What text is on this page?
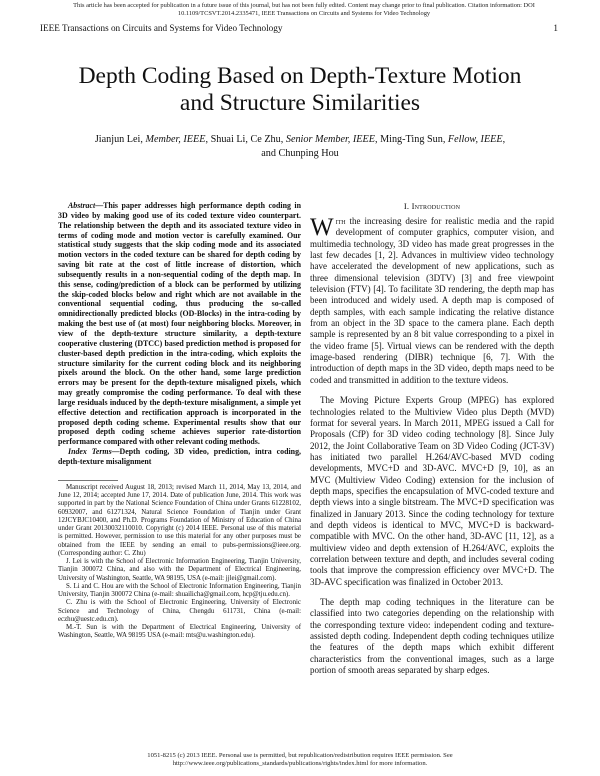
This article has been accepted for publication in a future issue of this journal, but has not been fully edited. Content may change prior to final publication. Citation information: DOI
10.1109/TCSVT.2014.2335471, IEEE Transactions on Circuits and Systems for Video Technology
IEEE Transactions on Circuits and Systems for Video Technology	1
Depth Coding Based on Depth-Texture Motion
and Structure Similarities
Jianjun Lei, Member, IEEE, Shuai Li, Ce Zhu, Senior Member, IEEE, Ming-Ting Sun, Fellow, IEEE,
and Chunping Hou

Abstract—This paper addresses high performance depth coding in 3D video by making good use of its coded texture video counterpart. The relationship between the depth and its associated texture video in terms of coding mode and motion vector is carefully examined. Our statistical study suggests that the skip coding mode and its associated motion vectors in the coded texture can be shared for depth coding by saving bit rate at the cost of little increase of distortion, which subsequently results in a non-sequential coding of the depth map. In this sense, coding/prediction of a block can be performed by utilizing the skip-coded blocks below and right which are not available in the conventional sequential coding, thus producing the so-called omnidirectionally predicted blocks (OD-Blocks) in the intra-coding by making the best use of (at most) four neighboring blocks. Moreover, in view of the depth-texture structure similarity, a depth-texture cooperative clustering (DTCC) based prediction method is proposed for cluster-based depth prediction in the intra-coding, which exploits the structure similarity for the current coding block and its neighboring pixels around the block. On the other hand, some large prediction errors may be present for the depth-texture misaligned pixels, which may greatly compromise the coding performance. To deal with these large residuals induced by the depth-texture misalignment, a simple yet effective detection and rectification approach is incorporated in the proposed depth coding scheme. Experimental results show that our proposed depth coding scheme achieves superior rate-distortion performance compared with other relevant coding methods.

Index Terms—Depth coding, 3D video, prediction, intra coding, depth-texture misalignment

Manuscript received August 18, 2013; revised March 11, 2014, May 13, 2014, and June 12, 2014; accepted June 17, 2014. Date of publication June, 2014. This work was supported in part by the National Science Foundation of China under Grants 61228102, 60932007, and 61271324, Natural Science Foundation of Tianjin under Grant 12JCYBJC10400, and Ph.D. Programs Foundation of Ministry of Education of China under Grant 20130032110010. Copyright (c) 2014 IEEE. Personal use of this material is permitted. However, permission to use this material for any other purposes must be obtained from the IEEE by sending an email to pubs-permissions@ieee.org. (Corresponding author: C. Zhu)

J. Lei is with the School of Electronic Information Engineering, Tianjin University, Tianjin 300072 China, and also with the Department of Electrical Engineering, University of Washington, Seattle, WA 98195, USA (e-mail: jjlei@gmail.com).

S. Li and C. Hou are with the School of Electronic Information Engineering, Tianjin University, Tianjin 300072 China (e-mail: shuailicha@gmail.com, hcp@tju.edu.cn).

C. Zhu is with the School of Electronic Engineering, University of Electronic Science and Technology of China, Chengdu 611731, China (e-mail: eczhu@uestc.edu.cn).

M.-T. Sun is with the Department of Electrical Engineering, University of Washington, Seattle, WA 98195 USA (e-mail: mts@u.washington.edu).

I. Introduction

With the increasing desire for realistic media and the rapid development of computer graphics, computer vision, and multimedia technology, 3D video has made great progresses in the last few decades [1, 2]. Advances in multiview video technology have accelerated the development of new applications, such as three dimensional television (3DTV) [3] and free viewpoint television (FTV) [4]. To facilitate 3D rendering, the depth map has been introduced and widely used. A depth map is composed of depth samples, with each sample indicating the relative distance from an object in the 3D space to the camera plane. Each depth sample is represented by an 8 bit value corresponding to a pixel in the video frame [5]. Virtual views can be rendered with the depth image-based rendering (DIBR) technique [6, 7]. With the introduction of depth maps in the 3D video, depth maps need to be coded and transmitted in addition to the texture videos.

The Moving Picture Experts Group (MPEG) has explored technologies related to the Multiview Video plus Depth (MVD) format for several years. In March 2011, MPEG issued a Call for Proposals (CfP) for 3D video coding technology [8]. Since July 2012, the Joint Collaborative Team on 3D Video Coding (JCT-3V) has initiated two parallel H.264/AVC-based MVD coding developments, MVC+D and 3D-AVC. MVC+D [9, 10], as an MVC (Multiview Video Coding) extension for the inclusion of depth maps, specifies the encapsulation of MVC-coded texture and depth views into a single bitstream. The MVC+D specification was finalized in January 2013. Since the coding technology for texture and depth videos is identical to MVC, MVC+D is backward-compatible with MVC. On the other hand, 3D-AVC [11, 12], as a multiview video and depth extension of H.264/AVC, exploits the correlation between texture and depth, and includes several coding tools that improve the compression efficiency over MVC+D. The 3D-AVC specification was finalized in October 2013.

The depth map coding techniques in the literature can be classified into two categories depending on the relationship with the corresponding texture video: independent coding and texture-assisted depth coding. Independent depth coding techniques utilize the features of the depth maps which exhibit different characteristics from the conventional images, such as a large portion of smooth areas separated by sharp edges.

1051-8215 (c) 2013 IEEE. Personal use is permitted, but republication/redistribution requires IEEE permission. See
http://www.ieee.org/publications_standards/publications/rights/index.html for more information.
